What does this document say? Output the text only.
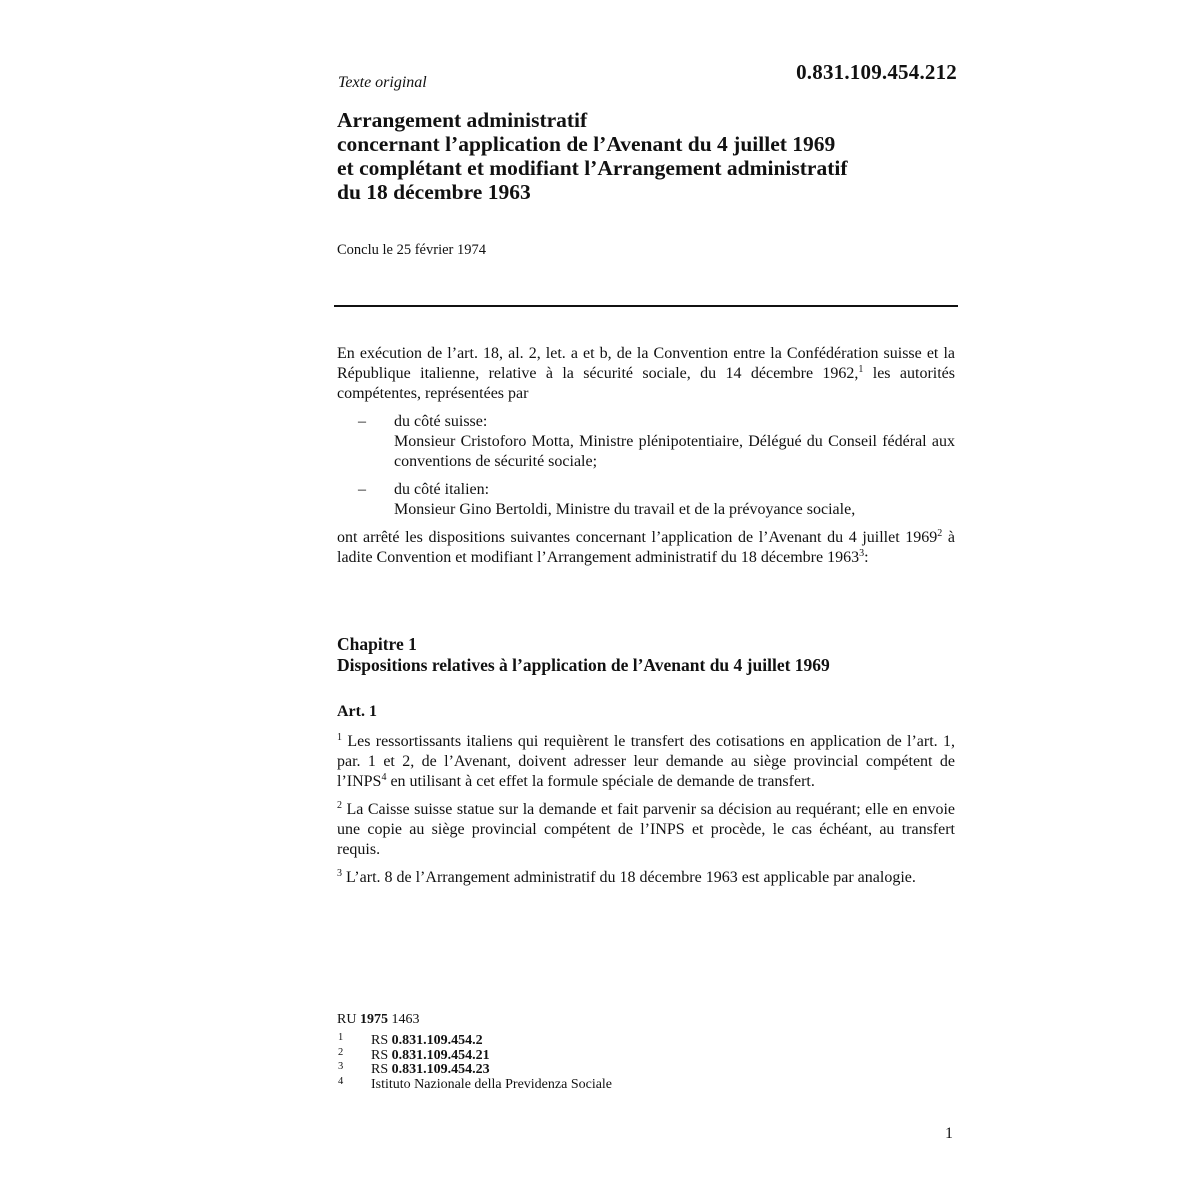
Texte original	0.831.109.454.212
Arrangement administratif
concernant l’application de l’Avenant du 4 juillet 1969
et complétant et modifiant l’Arrangement administratif
du 18 décembre 1963
Conclu le 25 février 1974

En exécution de l’art. 18, al. 2, let. a et b, de la Convention entre la Confédération suisse et la République italienne, relative à la sécurité sociale, du 14 décembre 1962,$^1$ les autorités compétentes, représentées par

– du côté suisse:
Monsieur Cristoforo Motta, Ministre plénipotentiaire, Délégué du Conseil fédéral aux conventions de sécurité sociale;
– du côté italien:
Monsieur Gino Bertoldi, Ministre du travail et de la prévoyance sociale,

ont arrêté les dispositions suivantes concernant l’application de l’Avenant du 4 juillet 1969$^2$ à ladite Convention et modifiant l’Arrangement administratif du 18 décembre 1963$^3$:

Chapitre 1
Dispositions relatives à l’application de l’Avenant du 4 juillet 1969
Art. 1

$^1$ Les ressortissants italiens qui requièrent le transfert des cotisations en application de l’art. 1, par. 1 et 2, de l’Avenant, doivent adresser leur demande au siège provincial compétent de l’INPS$^4$ en utilisant à cet effet la formule spéciale de demande de transfert.

$^2$ La Caisse suisse statue sur la demande et fait parvenir sa décision au requérant; elle en envoie une copie au siège provincial compétent de l’INPS et procède, le cas échéant, au transfert requis.

$^3$ L’art. 8 de l’Arrangement administratif du 18 décembre 1963 est applicable par analogie.

RU 1975 1463
1 RS 0.831.109.454.2
2 RS 0.831.109.454.21
3 RS 0.831.109.454.23
4 Istituto Nazionale della Previdenza Sociale
1
